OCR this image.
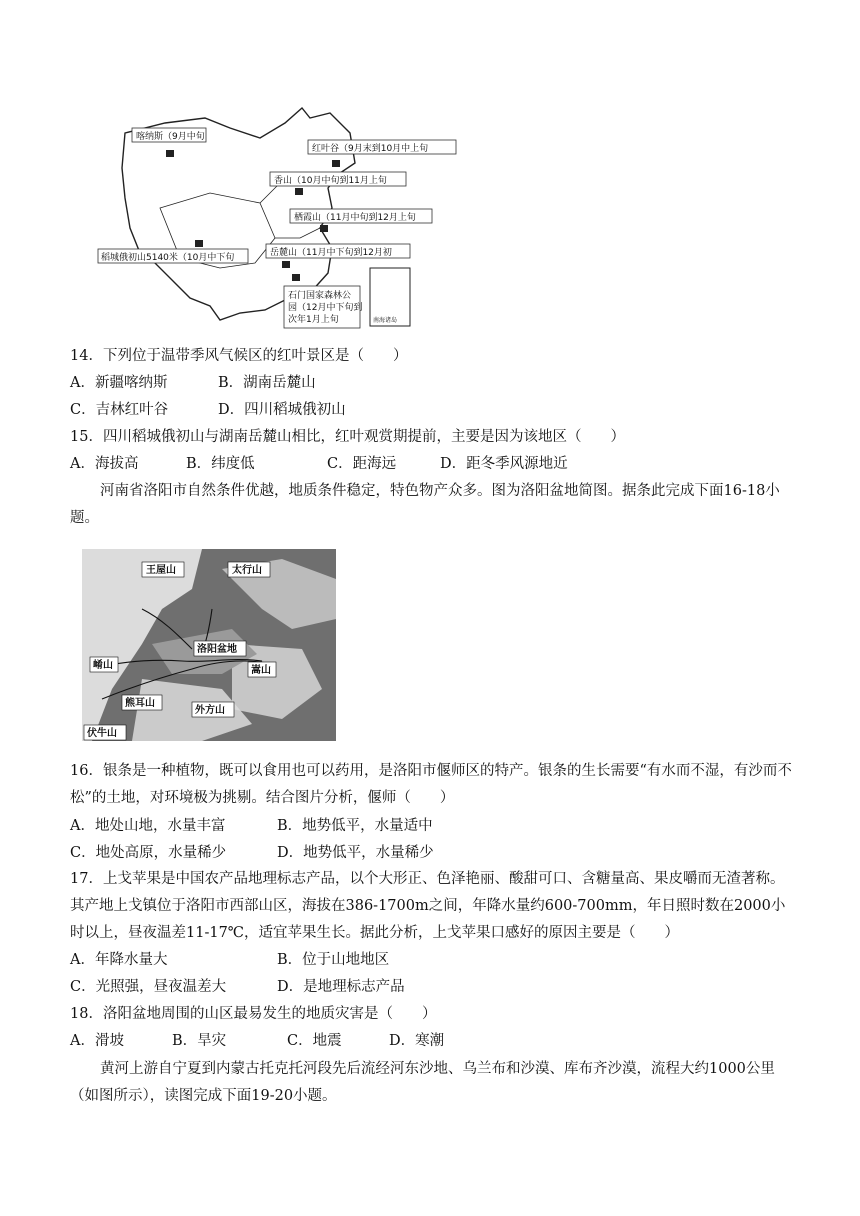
喀纳斯（9月中旬
红叶谷（9月末到10月中上旬
香山（10月中旬到11月上旬
栖霞山（11月中旬到12月上旬
岳麓山（11月中下旬到12月初
稻城俄初山5140米（10月中下旬
石门国家森林公
园（12月中下旬到
次年1月上旬	南海诸岛
14．下列位于温带季风气候区的红叶景区是（　　）
A．新疆喀纳斯	B．湖南岳麓山
C．吉林红叶谷	D．四川稻城俄初山
15．四川稻城俄初山与湖南岳麓山相比，红叶观赏期提前，主要是因为该地区（　　）
A．海拔高	B．纬度低	C．距海远	D．距冬季风源地近
河南省洛阳市自然条件优越，地质条件稳定，特色物产众多。图为洛阳盆地简图。据条此完成下面16-18小题。
王屋山	太行山
洛阳盆地
崤山	嵩山
熊耳山
外方山
伏牛山
16．银条是一种植物，既可以食用也可以药用，是洛阳市偃师区的特产。银条的生长需要“有水而不湿，有沙而不松”的土地，对环境极为挑剔。结合图片分析，偃师（　　）
A．地处山地，水量丰富	B．地势低平，水量适中
C．地处高原，水量稀少	D．地势低平，水量稀少
17．上戈苹果是中国农产品地理标志产品，以个大形正、色泽艳丽、酸甜可口、含糖量高、果皮嚼而无渣著称。其产地上戈镇位于洛阳市西部山区，海拔在386-1700m之间，年降水量约600-700mm，年日照时数在2000小时以上，昼夜温差11-17℃，适宜苹果生长。据此分析，上戈苹果口感好的原因主要是（　　）
A．年降水量大	B．位于山地地区
C．光照强，昼夜温差大	D．是地理标志产品
18．洛阳盆地周围的山区最易发生的地质灾害是（　　）
A．滑坡	B．旱灾	C．地震	D．寒潮
黄河上游自宁夏到内蒙古托克托河段先后流经河东沙地、乌兰布和沙漠、库布齐沙漠，流程大约1000公里（如图所示），读图完成下面19-20小题。
